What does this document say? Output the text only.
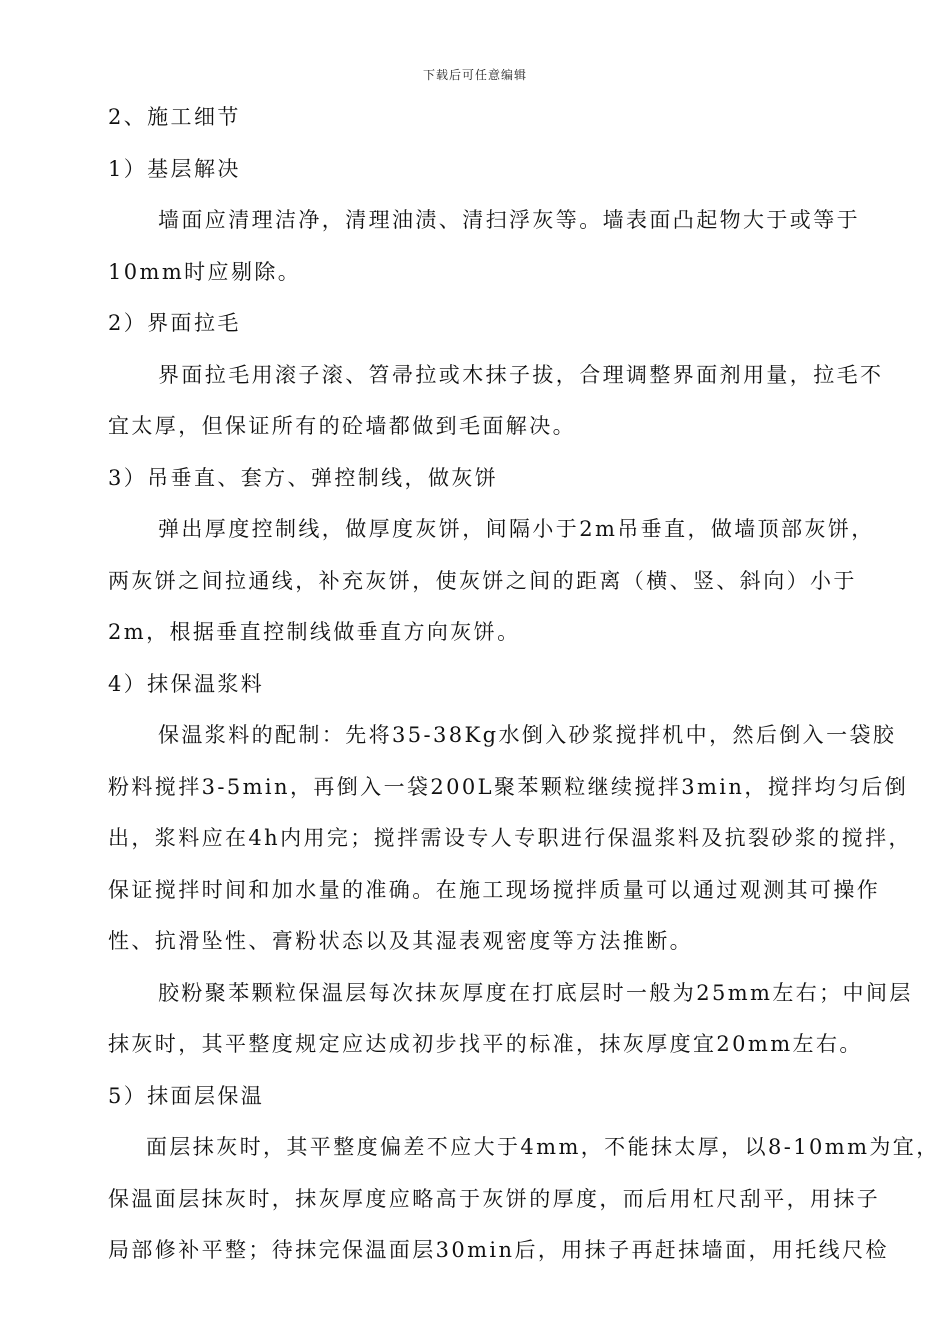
下载后可任意编辑
2、施工细节
1）基层解决
墙面应清理洁净，清理油渍、清扫浮灰等。墙表面凸起物大于或等于
10mm时应剔除。
2）界面拉毛
界面拉毛用滚子滚、笤帚拉或木抹子拔，合理调整界面剂用量，拉毛不
宜太厚，但保证所有的砼墙都做到毛面解决。
3）吊垂直、套方、弹控制线，做灰饼
弹出厚度控制线，做厚度灰饼，间隔小于2m吊垂直，做墙顶部灰饼，
两灰饼之间拉通线，补充灰饼，使灰饼之间的距离（横、竖、斜向）小于
2m，根据垂直控制线做垂直方向灰饼。
4）抹保温浆料
保温浆料的配制：先将35-38Kg水倒入砂浆搅拌机中，然后倒入一袋胶
粉料搅拌3-5min，再倒入一袋200L聚苯颗粒继续搅拌3min，搅拌均匀后倒
出，浆料应在4h内用完；搅拌需设专人专职进行保温浆料及抗裂砂浆的搅拌，
保证搅拌时间和加水量的准确。在施工现场搅拌质量可以通过观测其可操作
性、抗滑坠性、膏粉状态以及其湿表观密度等方法推断。
胶粉聚苯颗粒保温层每次抹灰厚度在打底层时一般为25mm左右；中间层
抹灰时，其平整度规定应达成初步找平的标准，抹灰厚度宜20mm左右。
5）抹面层保温
面层抹灰时，其平整度偏差不应大于4mm，不能抹太厚，以8-10mm为宜，
保温面层抹灰时，抹灰厚度应略高于灰饼的厚度，而后用杠尺刮平，用抹子
局部修补平整；待抹完保温面层30min后，用抹子再赶抹墙面，用托线尺检
